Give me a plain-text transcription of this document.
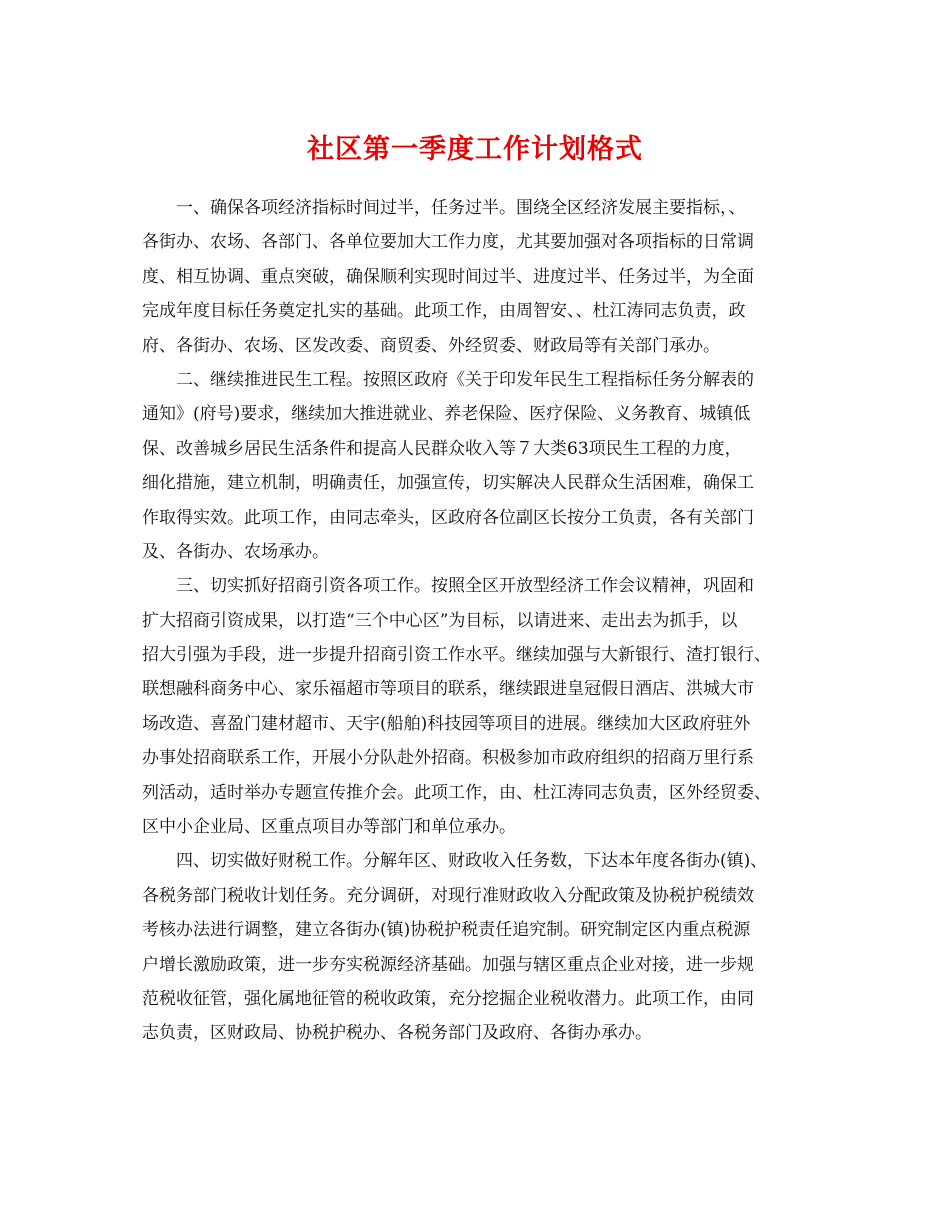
社区第一季度工作计划格式
一、确保各项经济指标时间过半，任务过半。围绕全区经济发展主要指标，、
各街办、农场、各部门、各单位要加大工作力度，尤其要加强对各项指标的日常调
度、相互协调、重点突破，确保顺利实现时间过半、进度过半、任务过半，为全面
完成年度目标任务奠定扎实的基础。此项工作，由周智安、、杜江涛同志负责，政
府、各街办、农场、区发改委、商贸委、外经贸委、财政局等有关部门承办。
二、继续推进民生工程。按照区政府《关于印发年民生工程指标任务分解表的
通知》(府号)要求，继续加大推进就业、养老保险、医疗保险、义务教育、城镇低
保、改善城乡居民生活条件和提高人民群众收入等７大类63项民生工程的力度，
细化措施，建立机制，明确责任，加强宣传，切实解决人民群众生活困难，确保工
作取得实效。此项工作，由同志牵头，区政府各位副区长按分工负责，各有关部门
及、各街办、农场承办。
三、切实抓好招商引资各项工作。按照全区开放型经济工作会议精神，巩固和
扩大招商引资成果，以打造“三个中心区”为目标，以请进来、走出去为抓手，以
招大引强为手段，进一步提升招商引资工作水平。继续加强与大新银行、渣打银行、
联想融科商务中心、家乐福超市等项目的联系，继续跟进皇冠假日酒店、洪城大市
场改造、喜盈门建材超市、天宇(船舶)科技园等项目的进展。继续加大区政府驻外
办事处招商联系工作，开展小分队赴外招商。积极参加市政府组织的招商万里行系
列活动，适时举办专题宣传推介会。此项工作，由、杜江涛同志负责，区外经贸委、
区中小企业局、区重点项目办等部门和单位承办。
四、切实做好财税工作。分解年区、财政收入任务数，下达本年度各街办(镇)、
各税务部门税收计划任务。充分调研，对现行准财政收入分配政策及协税护税绩效
考核办法进行调整，建立各街办(镇)协税护税责任追究制。研究制定区内重点税源
户增长激励政策，进一步夯实税源经济基础。加强与辖区重点企业对接，进一步规
范税收征管，强化属地征管的税收政策，充分挖掘企业税收潜力。此项工作，由同
志负责，区财政局、协税护税办、各税务部门及政府、各街办承办。
